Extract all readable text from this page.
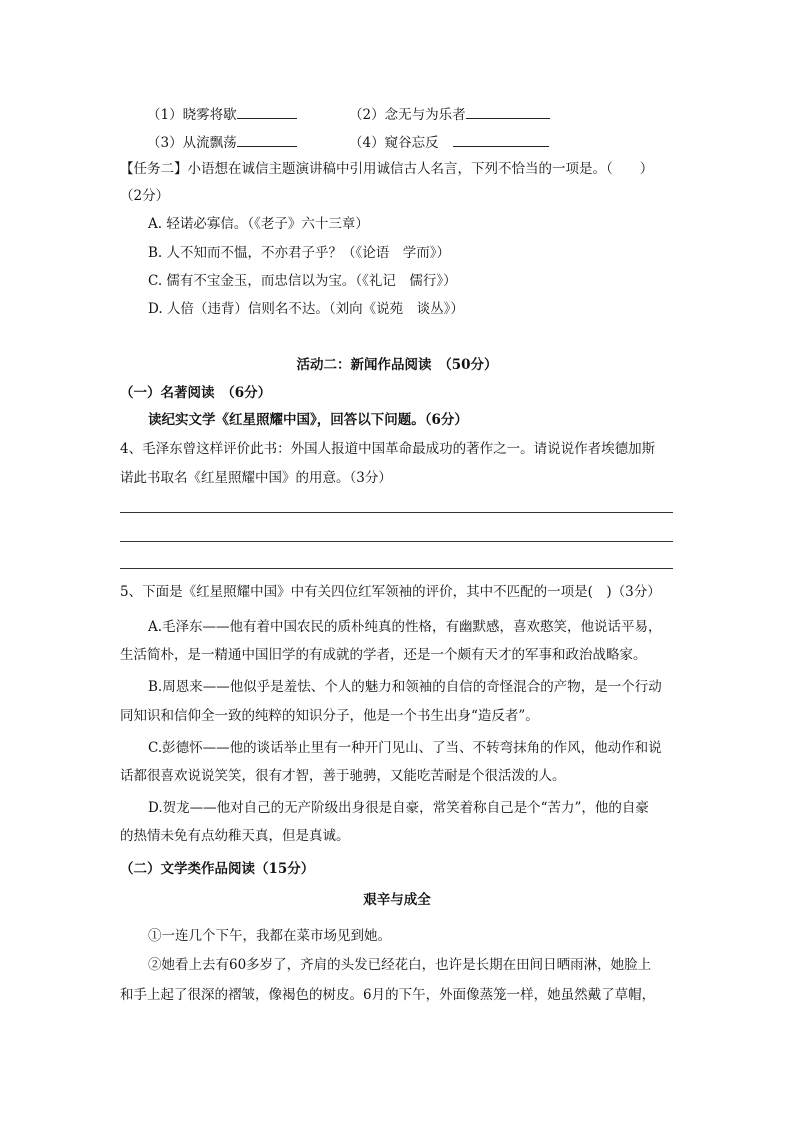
（1）晓雾将歇	（2）念无与为乐者
（3）从流飘荡	（4）窥谷忘反
【任务二】小语想在诚信主题演讲稿中引用诚信古人名言，下列不恰当的一项是。（　　）
（2分）
A. 轻诺必寡信。（《老子》六十三章）
B. 人不知而不愠，不亦君子乎？（《论语　学而》）
C. 儒有不宝金玉，而忠信以为宝。（《礼记　儒行》）
D. 人倍（违背）信则名不达。（刘向《说苑　谈丛》）
活动二：新闻作品阅读　（50分）
（一）名著阅读　（6分）
读纪实文学《红星照耀中国》，回答以下问题。（6分）
4、毛泽东曾这样评价此书：外国人报道中国革命最成功的著作之一。请说说作者埃德加斯
诺此书取名《红星照耀中国》的用意。（3分）
5、下面是《红星照耀中国》中有关四位红军领袖的评价，其中不匹配的一项是(　)（3分）
A.毛泽东——他有着中国农民的质朴纯真的性格，有幽默感，喜欢憨笑，他说话平易，
生活简朴，是一精通中国旧学的有成就的学者，还是一个颇有天才的军事和政治战略家。
B.周恩来——他似乎是羞怯、个人的魅力和领袖的自信的奇怪混合的产物，是一个行动
同知识和信仰全一致的纯粹的知识分子，他是一个书生出身“造反者”。
C.彭德怀——他的谈话举止里有一种开门见山、了当、不转弯抹角的作风，他动作和说
话都很喜欢说说笑笑，很有才智，善于驰骋，又能吃苦耐是个很活泼的人。
D.贺龙——他对自己的无产阶级出身很是自豪，常笑着称自己是个“苦力”，他的自豪
的热情未免有点幼稚天真，但是真诚。
（二）文学类作品阅读（15分）
艰辛与成全
①一连几个下午，我都在菜市场见到她。
②她看上去有60多岁了，齐肩的头发已经花白，也许是长期在田间日晒雨淋，她脸上
和手上起了很深的褶皱，像褐色的树皮。6月的下午，外面像蒸笼一样，她虽然戴了草帽，
